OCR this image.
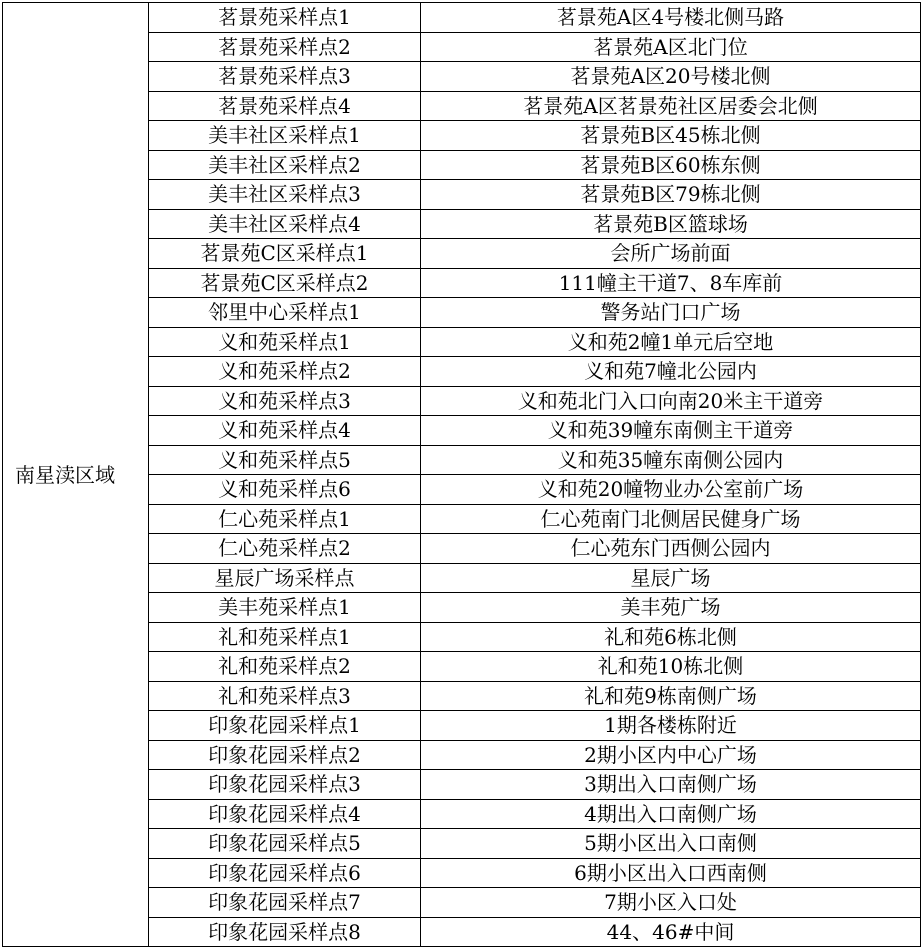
南星渎区域	茗景苑采样点1	茗景苑A区4号楼北侧马路
	茗景苑采样点2	茗景苑A区北门位
	茗景苑采样点3	茗景苑A区20号楼北侧
	茗景苑采样点4	茗景苑A区茗景苑社区居委会北侧
	美丰社区采样点1	茗景苑B区45栋北侧
	美丰社区采样点2	茗景苑B区60栋东侧
	美丰社区采样点3	茗景苑B区79栋北侧
	美丰社区采样点4	茗景苑B区篮球场
	茗景苑C区采样点1	会所广场前面
	茗景苑C区采样点2	111幢主干道7、8车库前
	邻里中心采样点1	警务站门口广场
	义和苑采样点1	义和苑2幢1单元后空地
	义和苑采样点2	义和苑7幢北公园内
	义和苑采样点3	义和苑北门入口向南20米主干道旁
	义和苑采样点4	义和苑39幢东南侧主干道旁
	义和苑采样点5	义和苑35幢东南侧公园内
	义和苑采样点6	义和苑20幢物业办公室前广场
	仁心苑采样点1	仁心苑南门北侧居民健身广场
	仁心苑采样点2	仁心苑东门西侧公园内
	星辰广场采样点	星辰广场
	美丰苑采样点1	美丰苑广场
	礼和苑采样点1	礼和苑6栋北侧
	礼和苑采样点2	礼和苑10栋北侧
	礼和苑采样点3	礼和苑9栋南侧广场
	印象花园采样点1	1期各楼栋附近
	印象花园采样点2	2期小区内中心广场
	印象花园采样点3	3期出入口南侧广场
	印象花园采样点4	4期出入口南侧广场
	印象花园采样点5	5期小区出入口南侧
	印象花园采样点6	6期小区出入口西南侧
	印象花园采样点7	7期小区入口处
	印象花园采样点8	44、46#中间
